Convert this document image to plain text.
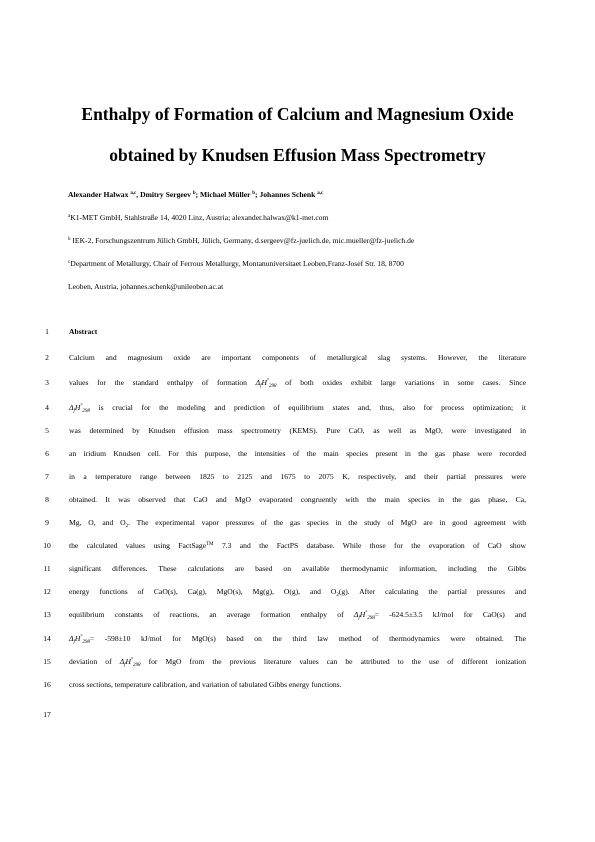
Enthalpy of Formation of Calcium and Magnesium Oxide
obtained by Knudsen Effusion Mass Spectrometry
Alexander Halwax $^{a,c}$, Dmitry Sergeev $^b$; Michael Müller $^b$; Johannes Schenk $^{a,c}$
$^a$K1-MET GmbH, Stahlstraße 14, 4020 Linz, Austria; alexander.halwax@k1-met.com
$^b$ IEK-2, Forschungszentrum Jülich GmbH, Jülich, Germany, d.sergeev@fz-juelich.de, mic.mueller@fz-juelich.de
$^c$Department of Metallurgy, Chair of Ferrous Metallurgy, Montanuniversitaet Leoben,Franz-Josef Str. 18, 8700
Leoben, Austria, johannes.schenk@unileoben.ac.at
1
2
3
4
5
6
7
8
9
10
11
12
13
14
15
16
17
Abstract
Calcium and magnesium oxide are important components of metallurgical slag systems. However, the literature
values for the standard enthalpy of formation $\Delta_fH^\circ_{298}$ of both oxides exhibit large variations in some cases. Since
$\Delta_fH^\circ_{298}$ is crucial for the modeling and prediction of equilibrium states and, thus, also for process optimization; it
was determined by Knudsen effusion mass spectrometry (KEMS). Pure CaO, as well as MgO, were investigated in
an iridium Knudsen cell. For this purpose, the intensities of the main species present in the gas phase were recorded
in a temperature range between 1825 to 2125 and 1675 to 2075 K, respectively, and their partial pressures were
obtained. It was observed that CaO and MgO evaporated congruently with the main species in the gas phase, Ca,
Mg, O, and $O_2$. The experimental vapor pressures of the gas species in the study of MgO are in good agreement with
the calculated values using FactSage™ 7.3 and the FactPS database. While those for the evaporation of CaO show
significant differences. These calculations are based on available thermodynamic information, including the Gibbs
energy functions of CaO(s), Ca(g), MgO(s), Mg(g), O(g), and $O_2(g)$. After calculating the partial pressures and
equilibrium constants of reactions, an average formation enthalpy of $\Delta_fH^\circ_{298}= -624.5\pm 3.5$ kJ/mol for CaO(s) and
$\Delta_fH^\circ_{298}= -598\pm 10$ kJ/mol for MgO(s) based on the third law method of thermodynamics were obtained. The
deviation of $\Delta_fH^\circ_{298}$ for MgO from the previous literature values can be attributed to the use of different ionization
cross sections, temperature calibration, and variation of tabulated Gibbs energy functions.
